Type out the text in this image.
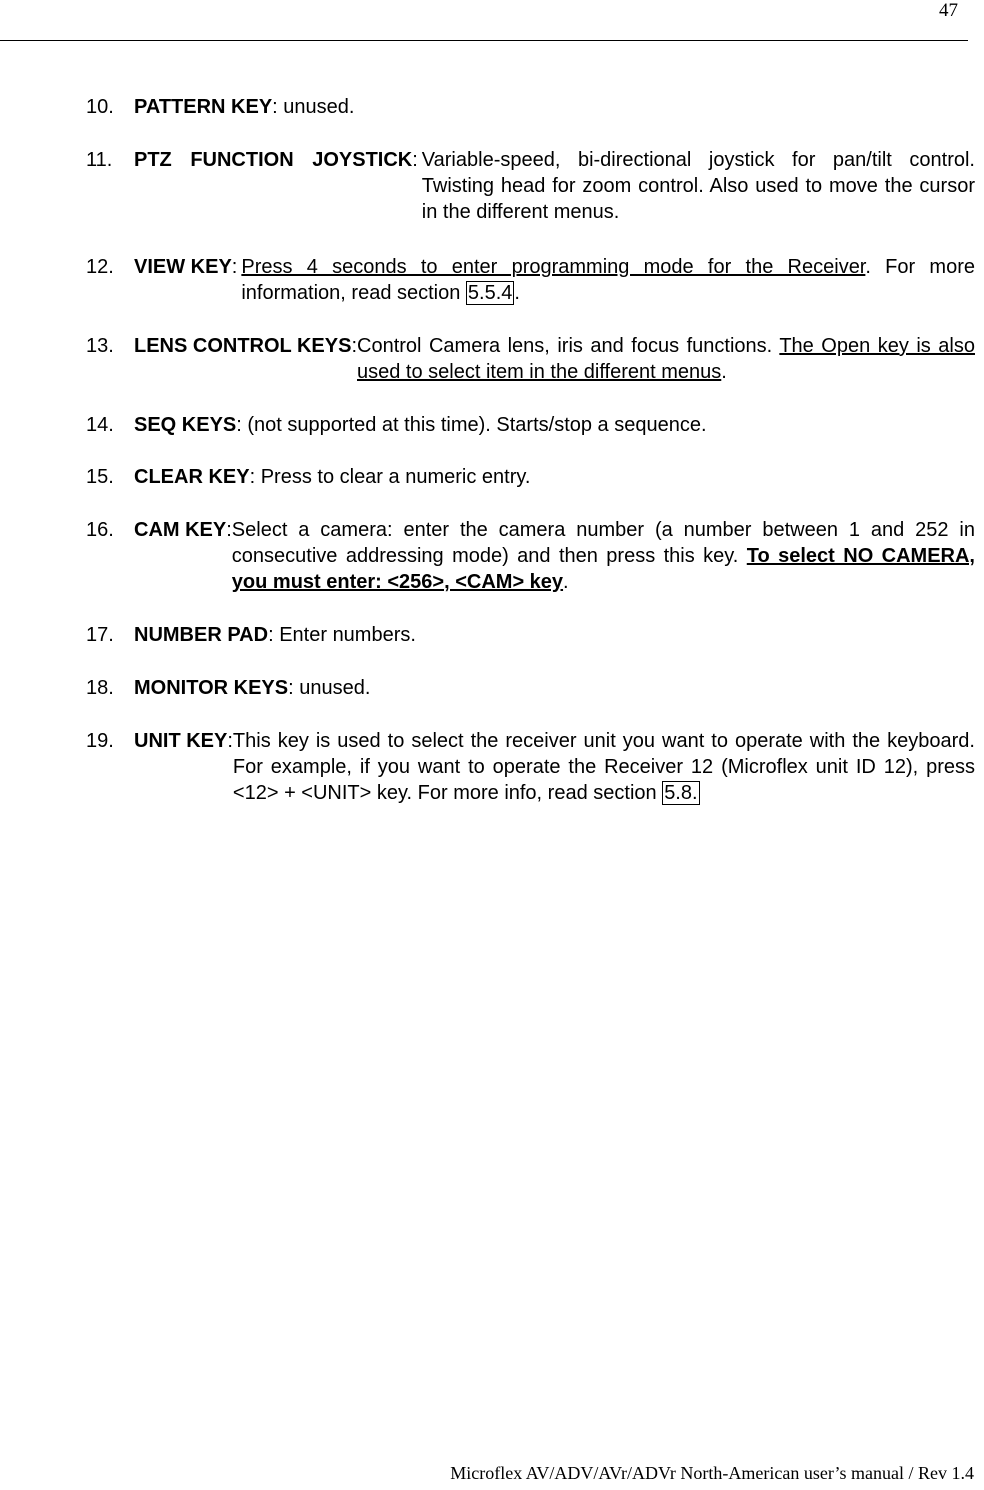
47
10. PATTERN KEY: unused.
11. PTZ FUNCTION JOYSTICK: Variable-speed, bi-directional joystick for pan/tilt control. Twisting head for zoom control. Also used to move the cursor in the different menus.
12. VIEW KEY: Press 4 seconds to enter programming mode for the Receiver. For more information, read section 5.5.4 .
13. LENS CONTROL KEYS: Control Camera lens, iris and focus functions. The Open key is also used to select item in the different menus.
14. SEQ KEYS: (not supported at this time). Starts/stop a sequence.
15. CLEAR KEY: Press to clear a numeric entry.
16. CAM KEY: Select a camera: enter the camera number (a number between 1 and 252 in consecutive addressing mode) and then press this key. To select NO CAMERA, you must enter: <256>, <CAM> key.
17. NUMBER PAD: Enter numbers.
18. MONITOR KEYS: unused.
19. UNIT KEY: This key is used to select the receiver unit you want to operate with the keyboard. For example, if you want to operate the Receiver 12 (Microflex unit ID 12), press <12> + <UNIT> key. For more info, read section 5.8.
Microflex AV/ADV/AVr/ADVr North-American user’s manual / Rev 1.4
